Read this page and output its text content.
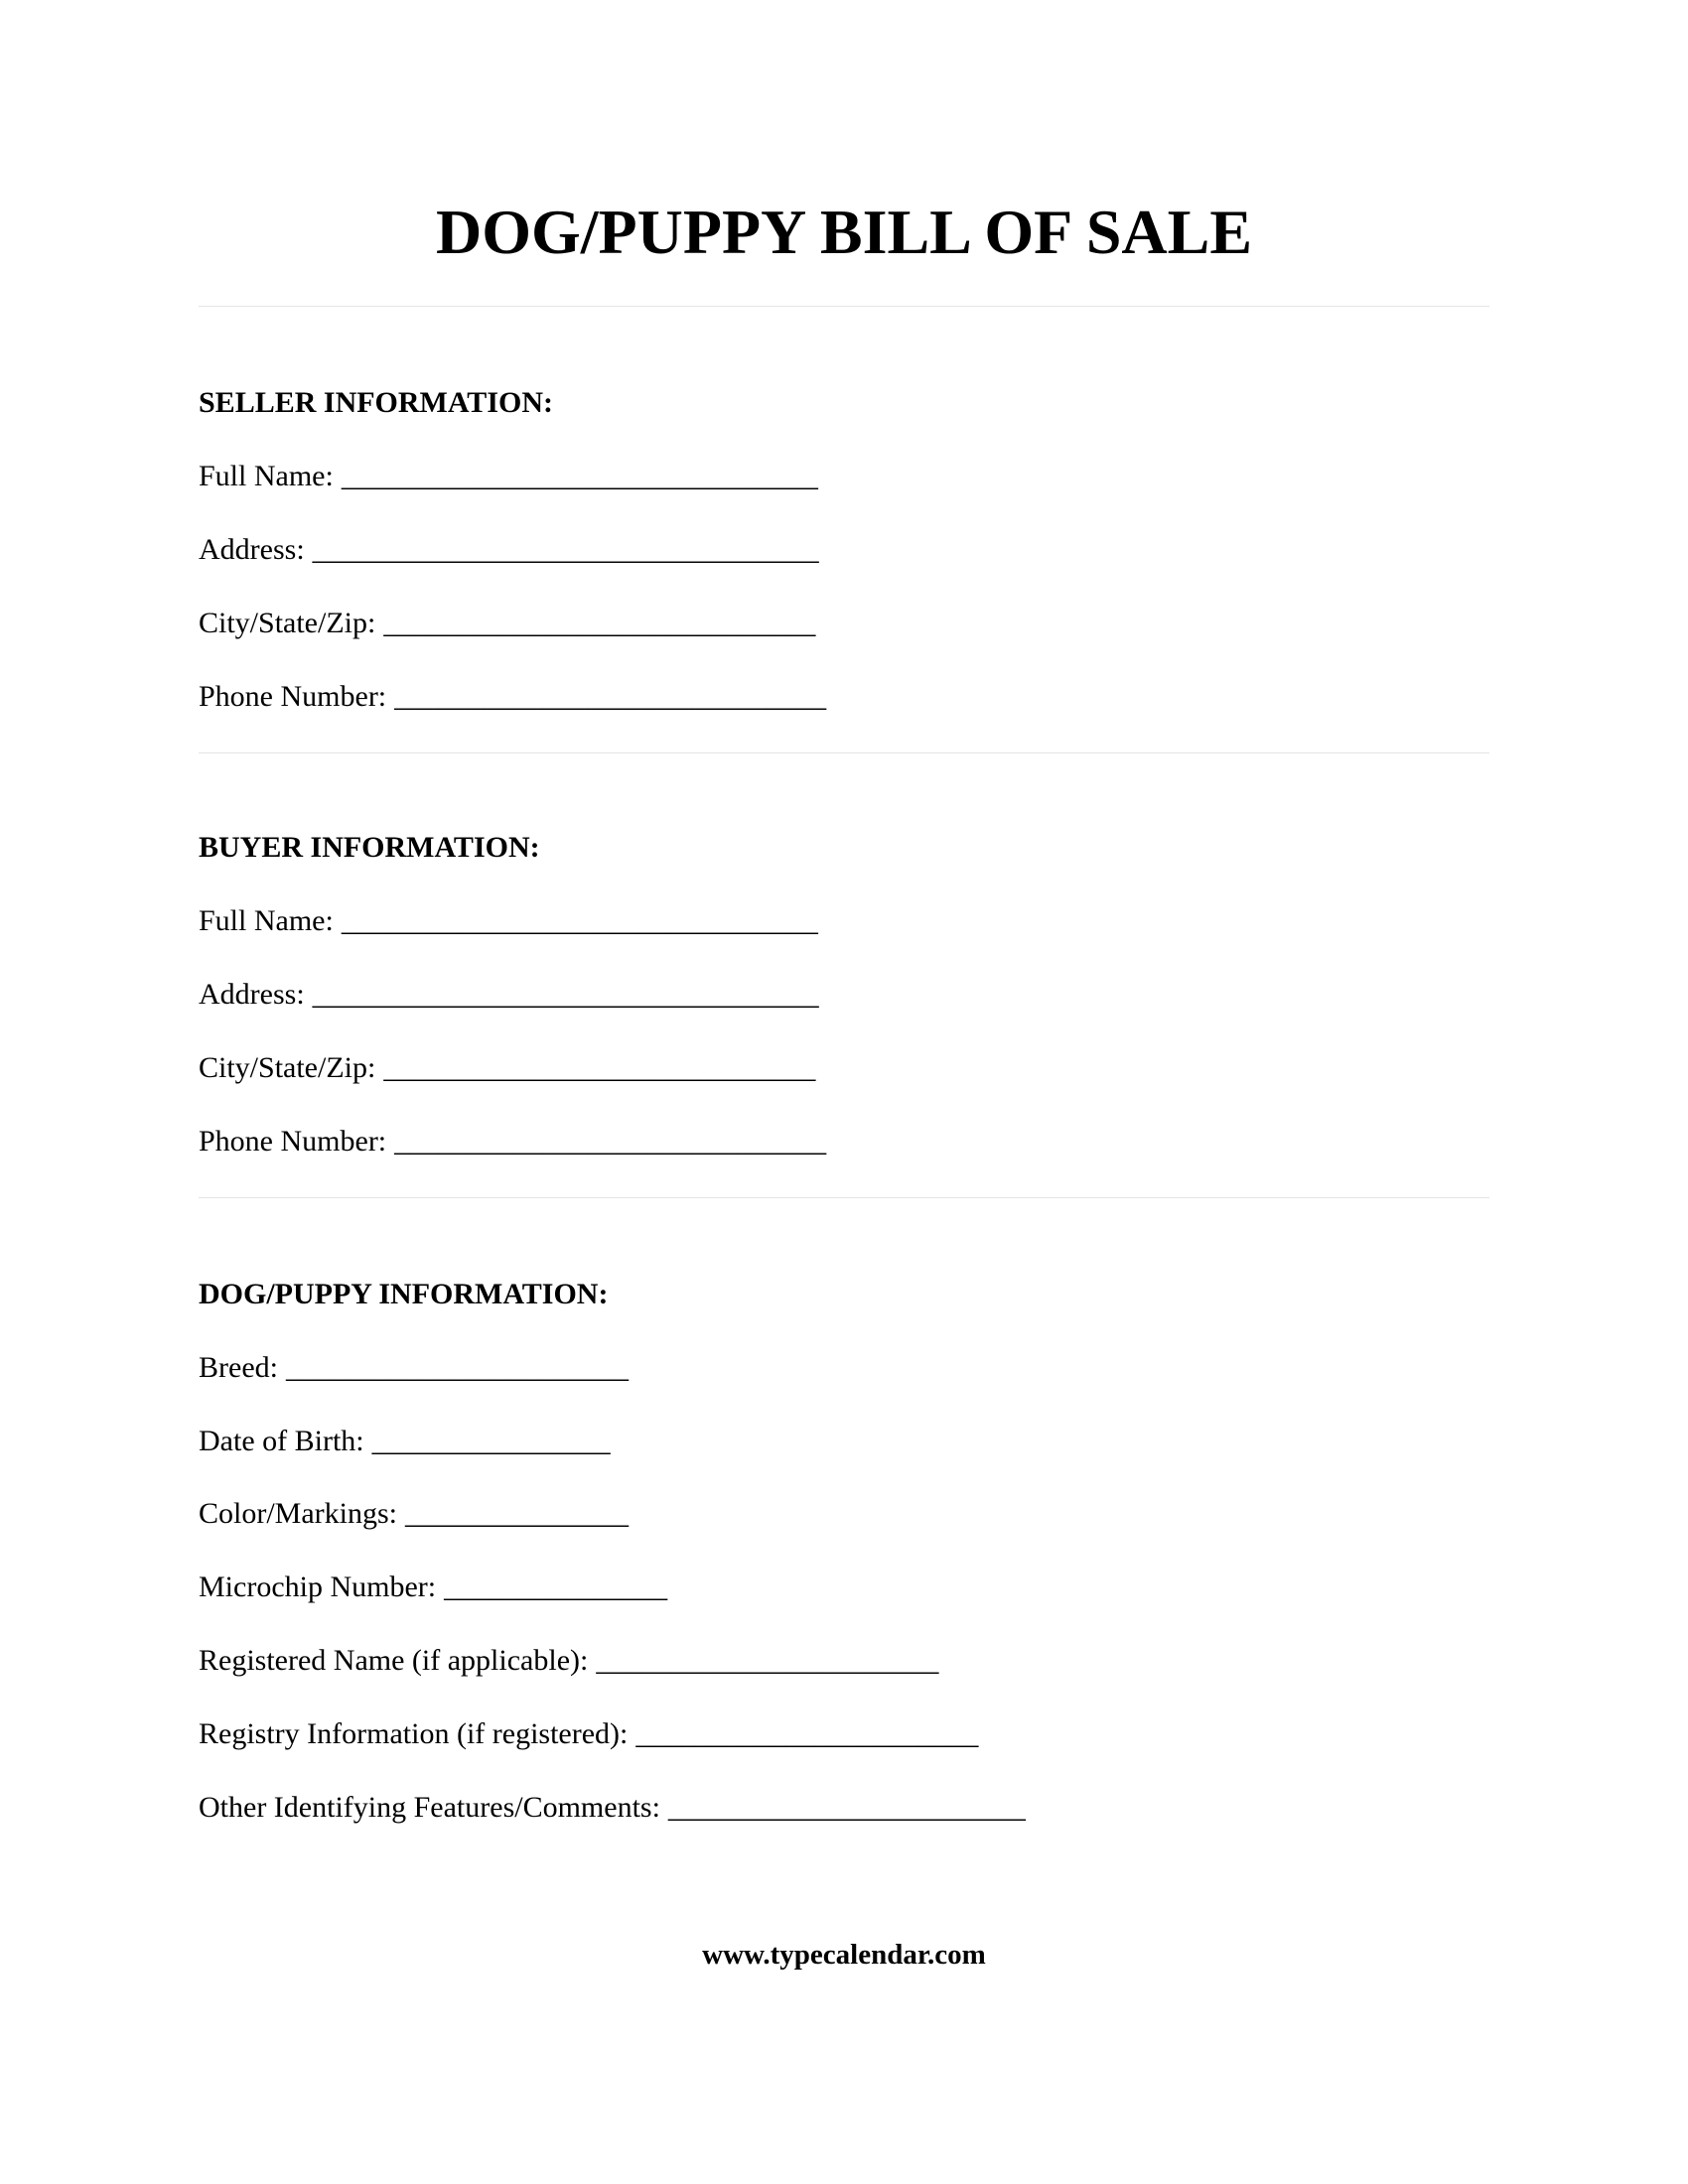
DOG/PUPPY BILL OF SALE
SELLER INFORMATION:
Full Name: ________________________________
Address: __________________________________
City/State/Zip: _____________________________
Phone Number: _____________________________
BUYER INFORMATION:
Full Name: ________________________________
Address: __________________________________
City/State/Zip: _____________________________
Phone Number: _____________________________
DOG/PUPPY INFORMATION:
Breed: _______________________
Date of Birth: ________________
Color/Markings: _______________
Microchip Number: _______________
Registered Name (if applicable): _______________________
Registry Information (if registered): _______________________
Other Identifying Features/Comments: ________________________
www.typecalendar.com
